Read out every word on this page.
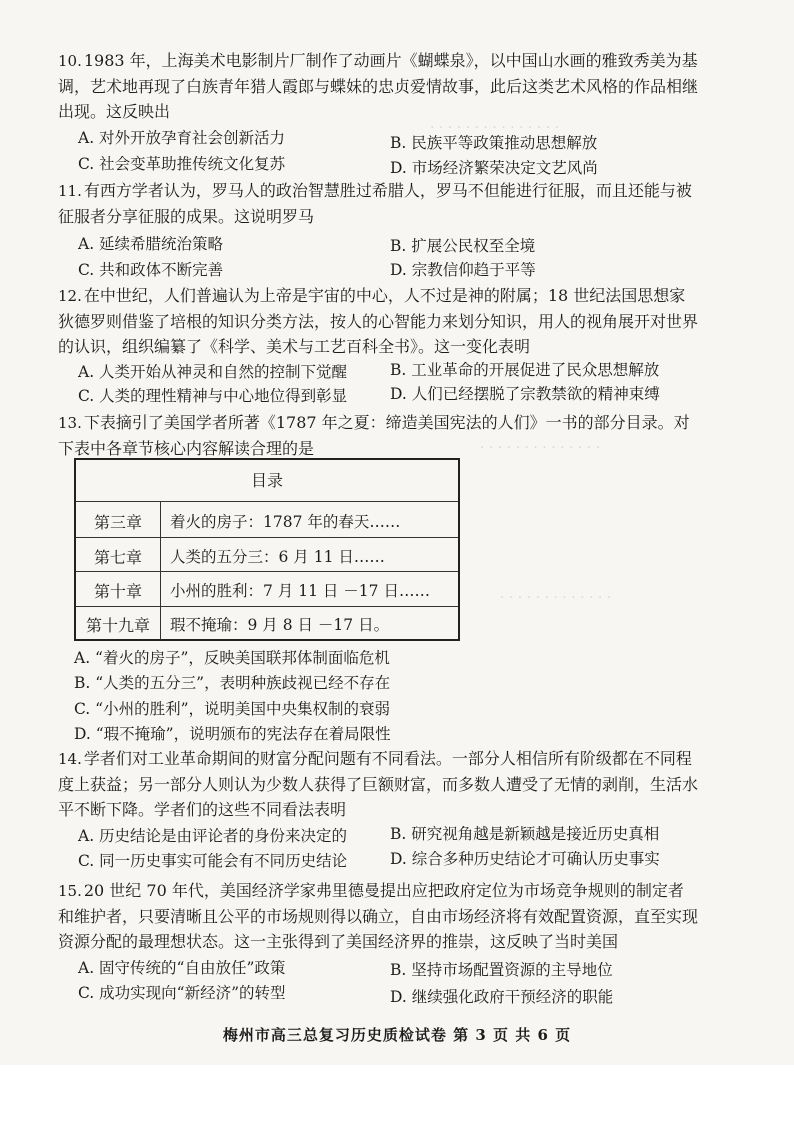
· · · · · · · · · · · · · · ·
· · · · · · · · · · · · · ·
· · · · · · · · · · · · ·

10. 1983 年，上海美术电影制片厂制作了动画片《蝴蝶泉》，以中国山水画的雅致秀美为基调，艺术地再现了白族青年猎人霞郎与蝶妹的忠贞爱情故事，此后这类艺术风格的作品相继出现。这反映出

A. 对外开放孕育社会创新活力	B. 民族平等政策推动思想解放
C. 社会变革助推传统文化复苏	D. 市场经济繁荣决定文艺风尚

11. 有西方学者认为，罗马人的政治智慧胜过希腊人，罗马不但能进行征服，而且还能与被征服者分享征服的成果。这说明罗马

A. 延续希腊统治策略	B. 扩展公民权至全境
C. 共和政体不断完善	D. 宗教信仰趋于平等

12. 在中世纪，人们普遍认为上帝是宇宙的中心，人不过是神的附属；18 世纪法国思想家狄德罗则借鉴了培根的知识分类方法，按人的心智能力来划分知识，用人的视角展开对世界的认识，组织编纂了《科学、美术与工艺百科全书》。这一变化表明

A. 人类开始从神灵和自然的控制下觉醒	B. 工业革命的开展促进了民众思想解放
C. 人类的理性精神与中心地位得到彰显	D. 人们已经摆脱了宗教禁欲的精神束缚

13. 下表摘引了美国学者所著《1787 年之夏：缔造美国宪法的人们》一书的部分目录。对下表中各章节核心内容解读合理的是

目录
第三章	着火的房子：1787 年的春天……
第七章	人类的五分三：6 月 11 日……
第十章	小州的胜利：7 月 11 日 －17 日……
第十九章	瑕不掩瑜：9 月 8 日 －17 日。
A. “着火的房子”，反映美国联邦体制面临危机
B. “人类的五分三”，表明种族歧视已经不存在
C. “小州的胜利”，说明美国中央集权制的衰弱
D. “瑕不掩瑜”，说明颁布的宪法存在着局限性

14. 学者们对工业革命期间的财富分配问题有不同看法。一部分人相信所有阶级都在不同程度上获益；另一部分人则认为少数人获得了巨额财富，而多数人遭受了无情的剥削，生活水平不断下降。学者们的这些不同看法表明

A. 历史结论是由评论者的身份来决定的	B. 研究视角越是新颖越是接近历史真相
C. 同一历史事实可能会有不同历史结论	D. 综合多种历史结论才可确认历史事实

15. 20 世纪 70 年代，美国经济学家弗里德曼提出应把政府定位为市场竞争规则的制定者和维护者，只要清晰且公平的市场规则得以确立，自由市场经济将有效配置资源，直至实现资源分配的最理想状态。这一主张得到了美国经济界的推崇，这反映了当时美国

A. 固守传统的“自由放任”政策	B. 坚持市场配置资源的主导地位
C. 成功实现向“新经济”的转型	D. 继续强化政府干预经济的职能
梅州市高三总复习历史质检试卷 第 3 页 共 6 页
